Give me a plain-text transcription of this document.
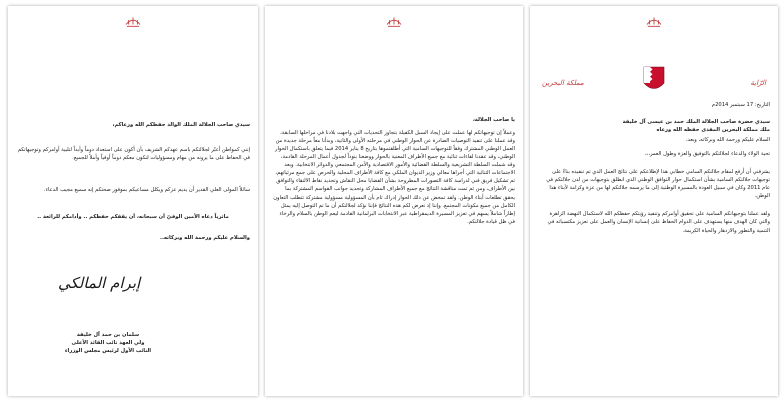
سيدي صاحب الجلالة الملك الوالد حفظكم الله ورعاكم،
إنني كمواطن أعبّر لجلالتكم باسم عهدكم الشريف بأن أكون على استعداد دوماً وأبداً لتلبية أوامركم وتوجيهاتكم في الحفاظ على ما يرونه من مهام ومسؤوليات لنكون معكم دوماً أوفياً وأملاً للجميع.
سائلاً المولى العلي القدير أن يديم عزكم ويكلل مساعيكم بموفور صحتكم إنه سميع مجيب الدعاء.
ماثرياً دعاه الأمين الوفيّ أن سبحانه، أن يقفكم حفظكم .. وأدامكم للرائعة ..
والسلام عليكم ورحمة الله وبركاته..
إبرام المالكي

سلمان بن حمد آل خليفة

ولي العهد نائب القائد الأعلى

النائب الأول لرئيس مجلس الوزراء

يا صاحب الجلالة،
وعملاً إن توجيهاتكم لها عملت على إيجاد السبل الكفيلة بتجاوز التحديات التي واجهت بلادنا في مراحلها السابقة، وقد عملنا على تنفيذ التوصيات الصادرة عن الحوار الوطني في مرحلته الأولى والثانية، وبدأنا معاً مرحلة جديدة من العمل الوطني المشترك وفقاً للتوجيهات السامية التي أطلقتموها بتاريخ 8 يناير 2014 فيما يتعلق باستكمال الحوار الوطني، وقد عقدنا لقاءات ثنائية مع جميع الأطراف المعنية بالحوار ووضعنا بنوداً لجدول أعمال المرحلة القادمة، وقد شملت السلطة التشريعية والسلطة القضائية والأمور الاقتصادية والأمن المجتمعي والدوائر الانتخابية. وبعد الاجتماعات الثنائية التي أجراها معالي وزير الديوان الملكي مع كافة الأطراف المحلية والحرص على جمع مرئياتهم، تم تشكيل فريق فني لدراسة كافة التصورات المطروحة بشأن القضايا محل النقاش وتحديد نقاط الالتقاء والتوافق بين الأطراف، ومن ثم تمت مناقشة النتائج مع جميع الأطراف المشاركة وتحديد جوانب القواسم المشتركة بما يحقق تطلعات أبناء الوطن. ولقد تمخض عن ذلك الحوار إدراك تام بأن المسؤولية مسؤولية مشتركة تتطلب التعاون الكامل من جميع مكونات المجتمع. وإننا إذ نعرض لكم هذه النتائج فإننا نؤكد لجلالتكم أن ما تم التوصل إليه يمثل إطاراً شاملاً يسهم في تعزيز المسيرة الديمقراطية عبر الانتخابات البرلمانية القادمة ليعم الوطن بالسلام والرخاء في ظل قيادة جلالتكم.
الرّاية
مملكة البحرين
التاريخ: 17 سبتمبر 2014م

سيدي حضرة صاحب الجلالة الملك حمد بن عيسى آل خليفة

ملك مملكة البحرين المفدى حفظه الله ورعاه

السلام عليكم ورحمة الله وبركاته، وبعد،

تحية الولاء والدعاء لجلالتكم بالتوفيق والعزة وطول العمر،،،

يشرفني أن أرفع لمقام جلالتكم السامي خطابي هذا لإطلاعكم على نتائج العمل الذي تم تنفيذه بناءً على توجيهات جلالتكم السامية بشأن استكمال حوار التوافق الوطني الذي انطلق بتوجيهات من لدن جلالتكم في عام 2011 وكان في سبيل العودة بالمسيرة الوطنية إلى ما يرسمه جلالتكم لها من عزة وكرامة لأبناء هذا الوطن.

ولقد عملنا بتوجيهاتكم السامية على تحقيق أوامركم وتنفيذ رؤيتكم حفظكم الله لاستكمال النهضة الزاهرة والتي كان الهدف منها يستهدف على الدوام الحفاظ على إنسانية الإنسان والعمل على تعزيز مكتسباته في التنمية والتطور والازدهار والحياة الكريمة.
